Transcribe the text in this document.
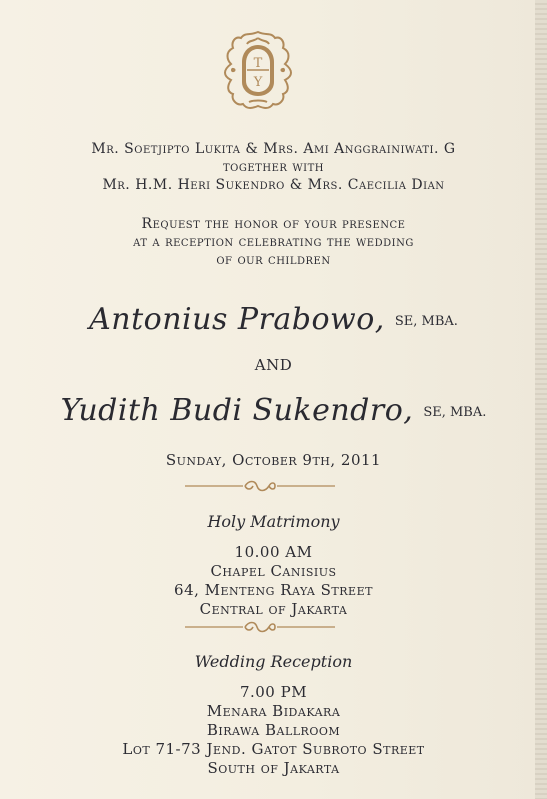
T
Y
Mr. Soetjipto Lukita & Mrs. Ami Anggrainiwati. G
together with
Mr. H.M. Heri Sukendro & Mrs. Caecilia Dian
Request the honor of your presence
at a reception celebrating the wedding
of our children
Antonius Prabowo, $^{SE, MBA.}$
AND
Yudith Budi Sukendro, $^{SE, MBA.}$
Sunday, October 9th, 2011
Holy Matrimony
10.00 AM
Chapel Canisius
64, Menteng Raya Street
Central of Jakarta
Wedding Reception
7.00 PM
Menara Bidakara
Birawa Ballroom
Lot 71-73 Jend. Gatot Subroto Street
South of Jakarta
